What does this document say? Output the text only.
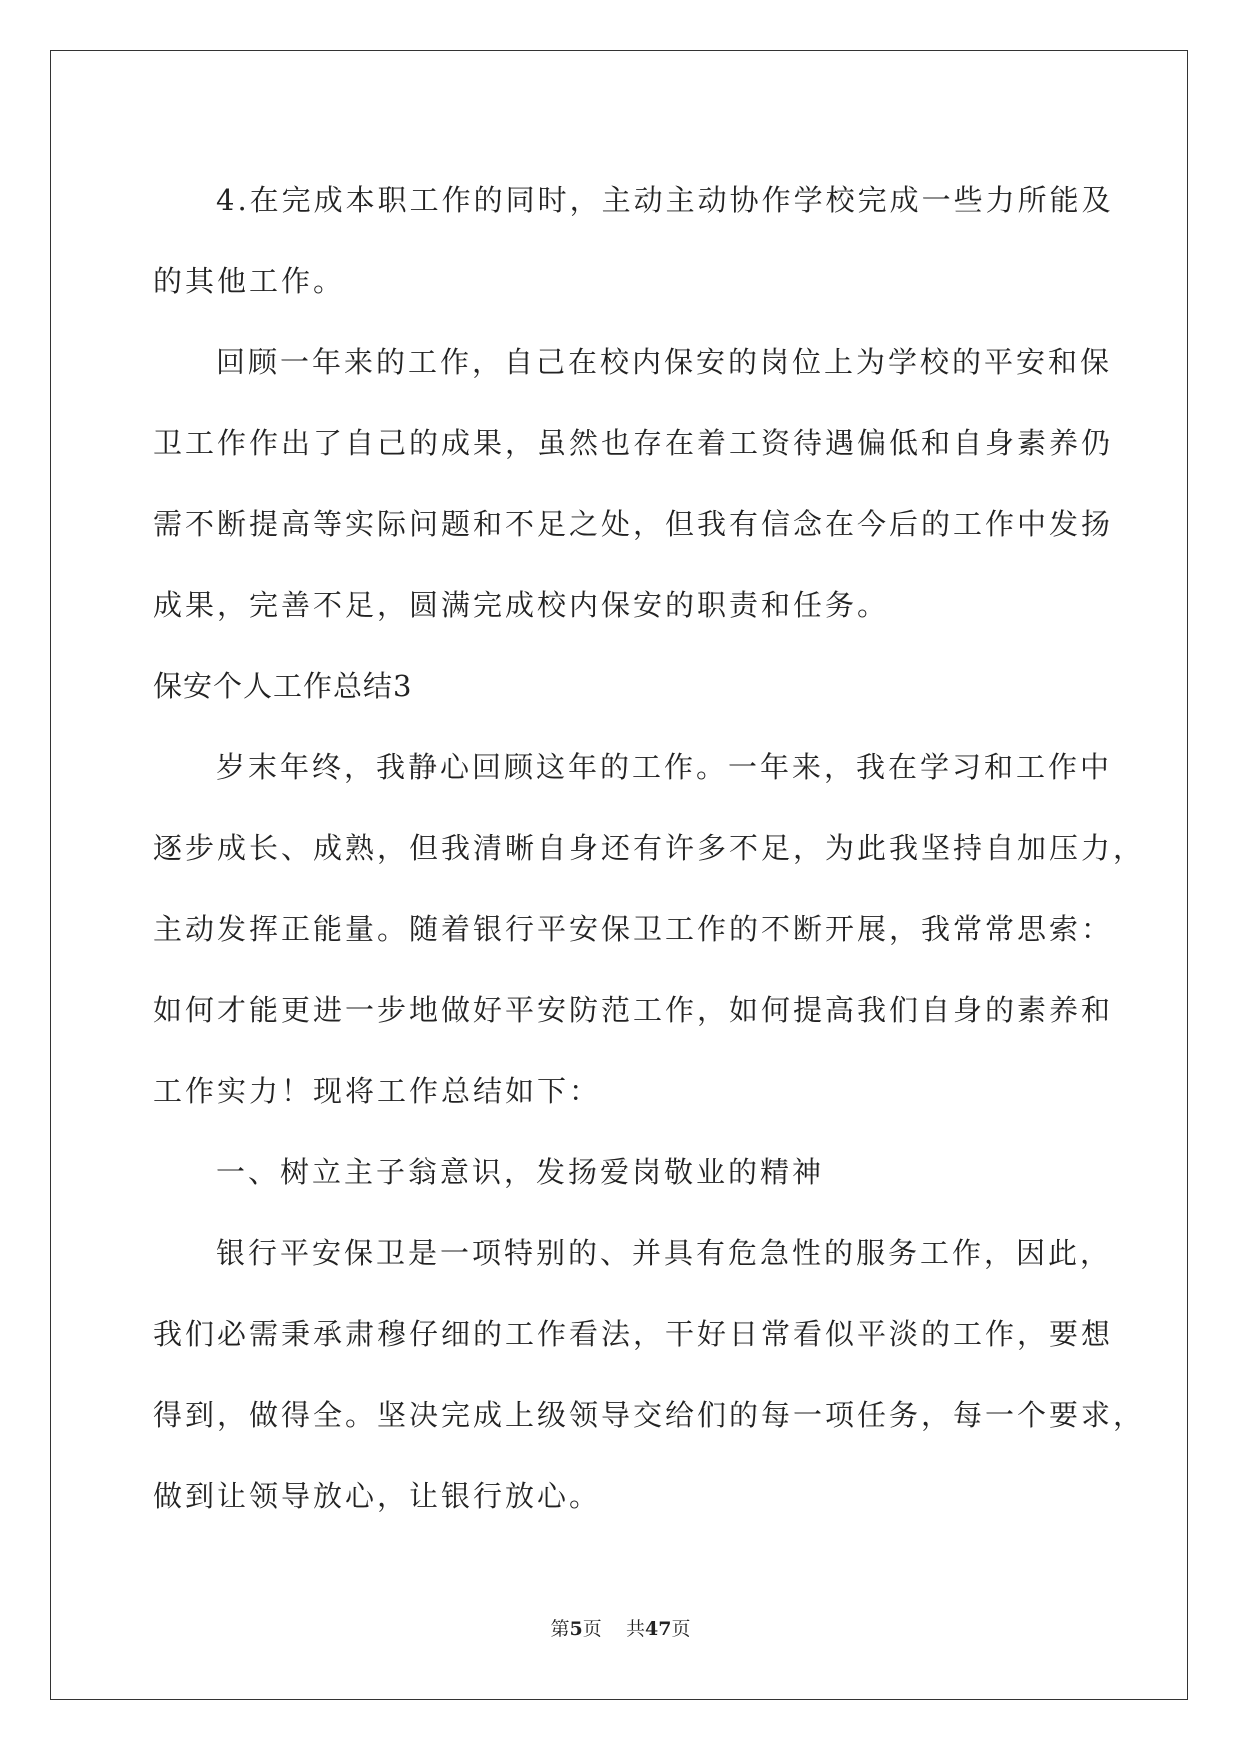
4.在完成本职工作的同时，主动主动协作学校完成一些力所能及
的其他工作。
回顾一年来的工作，自己在校内保安的岗位上为学校的平安和保
卫工作作出了自己的成果，虽然也存在着工资待遇偏低和自身素养仍
需不断提高等实际问题和不足之处，但我有信念在今后的工作中发扬
成果，完善不足，圆满完成校内保安的职责和任务。
保安个人工作总结3
岁末年终，我静心回顾这年的工作。一年来，我在学习和工作中
逐步成长、成熟，但我清晰自身还有许多不足，为此我坚持自加压力，
主动发挥正能量。随着银行平安保卫工作的不断开展，我常常思索：
如何才能更进一步地做好平安防范工作，如何提高我们自身的素养和
工作实力！现将工作总结如下：
一、树立主子翁意识，发扬爱岗敬业的精神
银行平安保卫是一项特别的、并具有危急性的服务工作，因此，
我们必需秉承肃穆仔细的工作看法，干好日常看似平淡的工作，要想
得到，做得全。坚决完成上级领导交给们的每一项任务，每一个要求，
做到让领导放心，让银行放心。
第5页 共47页
